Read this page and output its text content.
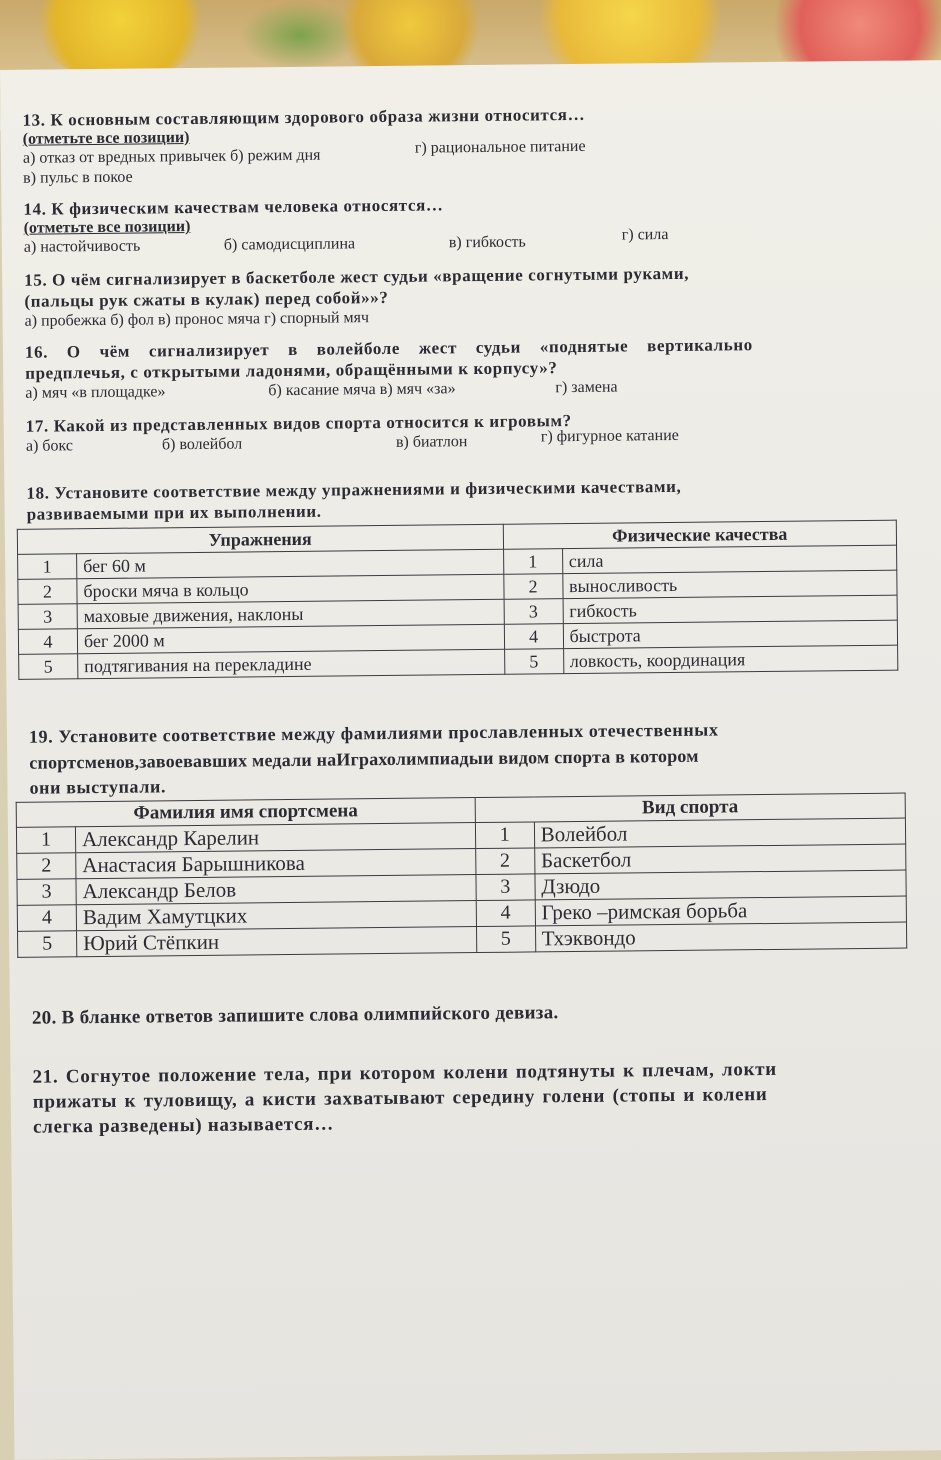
13. К основным составляющим здорового образа жизни относится…
(отметьте все позиции)
а) отказ от вредных привычек б) режим дня	г) рациональное питание
в) пульс в покое
14. К физическим качествам человека относятся…
(отметьте все позиции)
а) настойчивость	б) самодисциплина	в) гибкость	г) сила
15. О чём сигнализирует в баскетболе жест судьи «вращение согнутыми руками,
(пальцы рук сжаты в кулак) перед собой»»?
а) пробежка б) фол в) пронос мяча г) спорный мяч
16. О чём сигнализирует в волейболе жест судьи «поднятые вертикально
предплечья, с открытыми ладонями, обращёнными к корпусу»?
а) мяч «в площадке»	б) касание мяча в) мяч «за»	г) замена
17. Какой из представленных видов спорта относится к игровым?
а) бокс	б) волейбол	в) биатлон	г) фигурное катание
18. Установите соответствие между упражнениями и физическими качествами,
развиваемыми при их выполнении.
Упражнения		Физические качества	
1	бег 60 м	1	сила
2	броски мяча в кольцо	2	выносливость
3	маховые движения, наклоны	3	гибкость
4	бег 2000 м	4	быстрота
5	подтягивания на перекладине	5	ловкость, координация
19. Установите соответствие между фамилиями прославленных отечественных
спортсменов,завоевавших медали наИграхолимпиадыи видом спорта в котором
они выступали.
Фамилия имя спортсмена		Вид спорта	
1	Александр Карелин	1	Волейбол
2	Анастасия Барышникова	2	Баскетбол
3	Александр Белов	3	Дзюдо
4	Вадим Хамутцких	4	Греко –римская борьба
5	Юрий Стёпкин	5	Тхэквондо
20. В бланке ответов запишите слова олимпийского девиза.
21. Согнутое положение тела, при котором колени подтянуты к плечам, локти
прижаты к туловищу, а кисти захватывают середину голени (стопы и колени
слегка разведены) называется…
